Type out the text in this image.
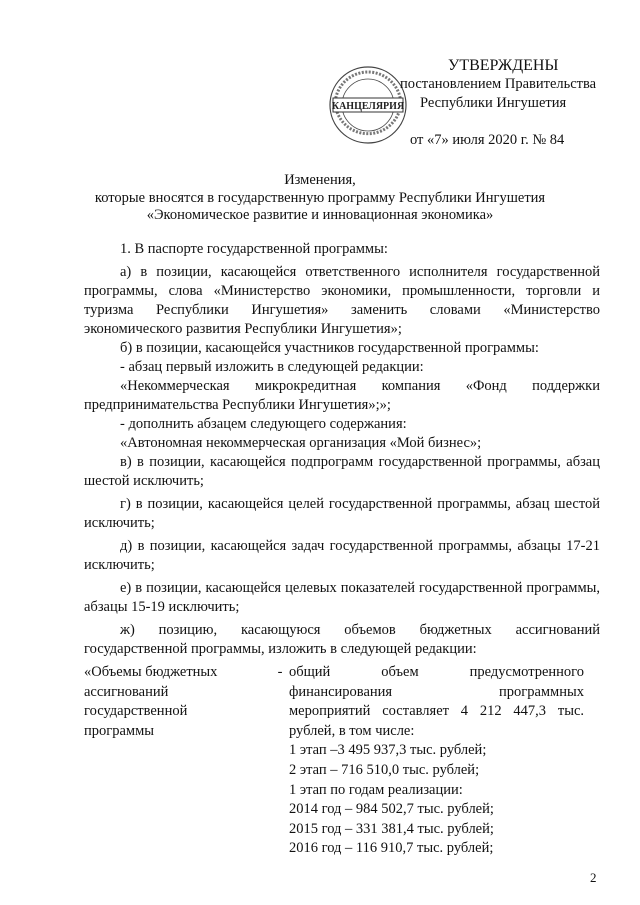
КАНЦЕЛЯРИЯ
УТВЕРЖДЕНЫ
постановлением Правительства
Республики Ингушетия
от «7» июля 2020 г. № 84
Изменения,
которые вносятся в государственную программу Республики Ингушетия
«Экономическое развитие и инновационная экономика»

1. В паспорте государственной программы:

а) в позиции, касающейся ответственного исполнителя государственной программы, слова «Министерство экономики, промышленности, торговли и туризма Республики Ингушетия» заменить словами «Министерство экономического развития Республики Ингушетия»;

б) в позиции, касающейся участников государственной программы:

- абзац первый изложить в следующей редакции:

«Некоммерческая микрокредитная компания «Фонд поддержки предпринимательства Республики Ингушетия»;»;

- дополнить абзацем следующего содержания:

«Автономная некоммерческая организация «Мой бизнес»;

в) в позиции, касающейся подпрограмм государственной программы, абзац шестой исключить;

г) в позиции, касающейся целей государственной программы, абзац шестой исключить;

д) в позиции, касающейся задач государственной программы, абзацы 17-21 исключить;

е) в позиции, касающейся целевых показателей государственной программы, абзацы 15-19 исключить;

ж) позицию, касающуюся объемов бюджетных ассигнований государственной программы, изложить в следующей редакции:

«Объемы бюджетных
ассигнований государственной
программы
- общий объем предусмотренного
финансирования программных
мероприятий составляет 4 212 447,3 тыс.
рублей, в том числе:
1 этап –3 495 937,3 тыс. рублей;
2 этап – 716 510,0 тыс. рублей;
1 этап по годам реализации:
2014 год – 984 502,7 тыс. рублей;
2015 год – 331 381,4 тыс. рублей;
2016 год – 116 910,7 тыс. рублей;
2
